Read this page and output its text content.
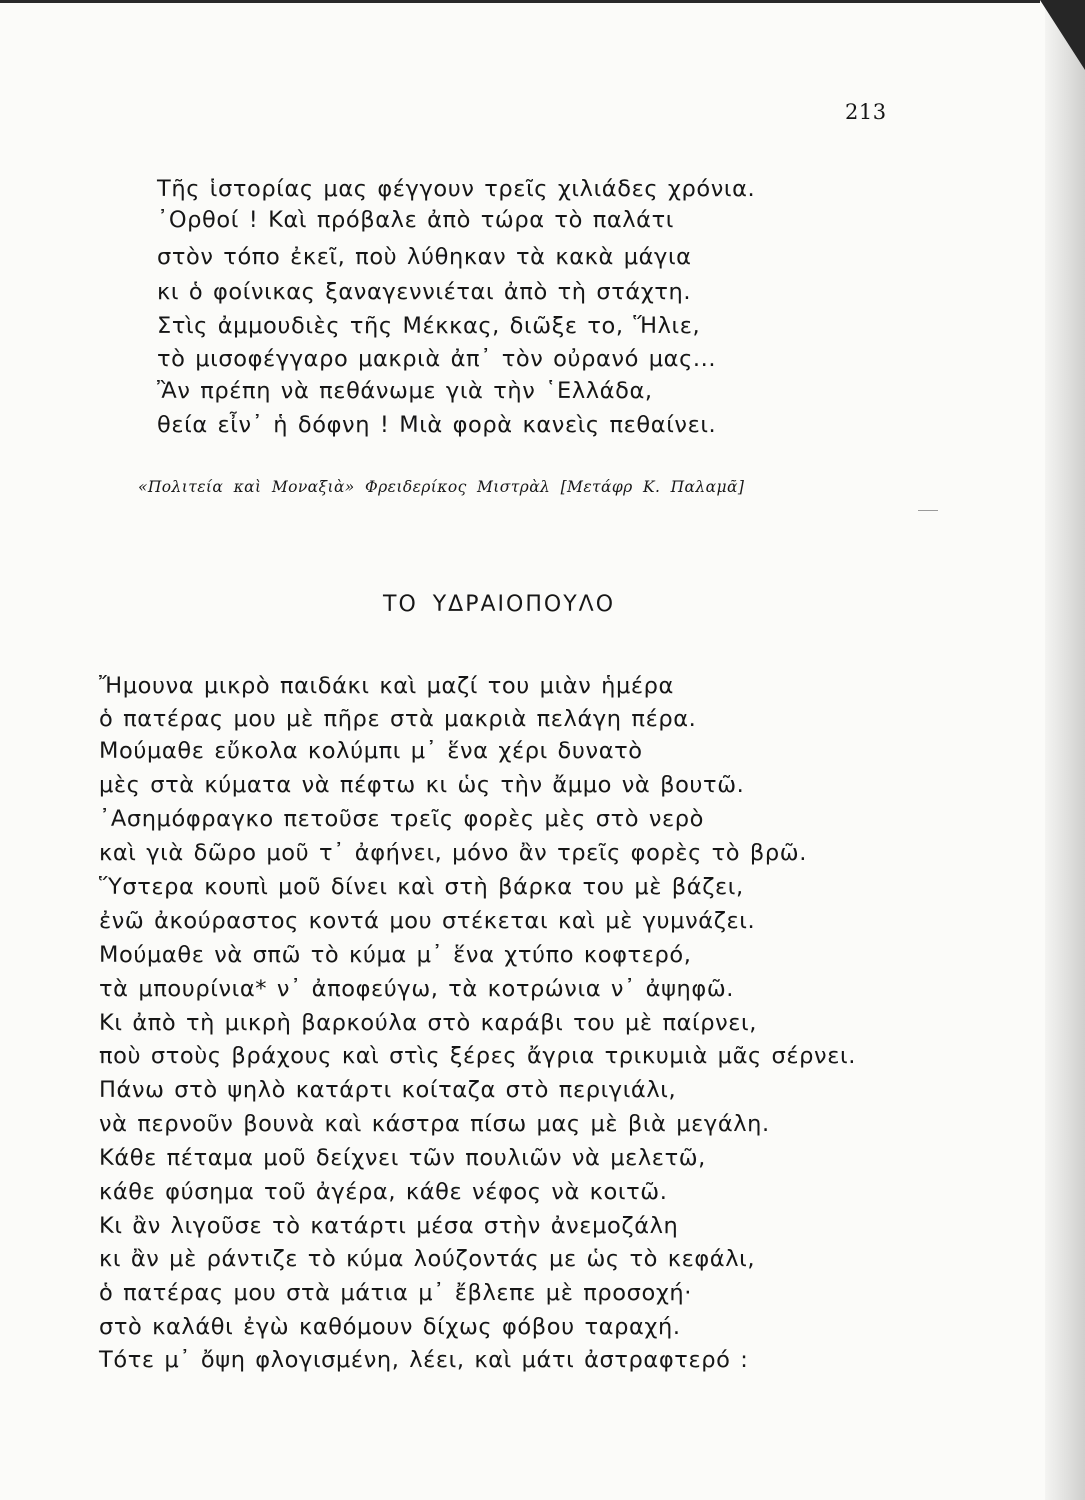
213
Τῆς ἱστορίας μας φέγγουν τρεῖς χιλιάδες χρόνια.
᾿Ορθοί ! Καὶ πρόβαλε ἀπὸ τώρα τὸ παλάτι
στὸν τόπο ἐκεῖ, ποὺ λύθηκαν τὰ κακὰ μάγια
κι ὁ φοίνικας ξαναγεννιέται ἀπὸ τὴ στάχτη.
Στὶς ἀμμουδιὲς τῆς Μέκκας, διῶξε το, Ἥλιε,
τὸ μισοφέγγαρο μακριὰ ἀπ᾿ τὸν οὐρανό μας...
Ἂν πρέπη νὰ πεθάνωμε γιὰ τὴν ῾Ελλάδα,
θεία εἶν᾿ ἡ δόφνη ! Μιὰ φορὰ κανεὶς πεθαίνει.
«Πολιτεία καὶ Μοναξιὰ» Φρειδερίκος Μιστρὰλ [Μετάφρ Κ. Παλαμᾶ]
ΤΟ ΥΔΡΑΙΟΠΟΥΛΟ
Ἤμουνα μικρὸ παιδάκι καὶ μαζί του μιὰν ἡμέρα
ὁ πατέρας μου μὲ πῆρε στὰ μακριὰ πελάγη πέρα.
Μούμαθε εὔκολα κολύμπι μ᾿ ἕνα χέρι δυνατὸ
μὲς στὰ κύματα νὰ πέφτω κι ὡς τὴν ἄμμο νὰ βουτῶ.
᾿Ασημόφραγκο πετοῦσε τρεῖς φορὲς μὲς στὸ νερὸ
καὶ γιὰ δῶρο μοῦ τ᾿ ἀφήνει, μόνο ἂν τρεῖς φορὲς τὸ βρῶ.
Ὕστερα κουπὶ μοῦ δίνει καὶ στὴ βάρκα του μὲ βάζει,
ἐνῶ ἀκούραστος κοντά μου στέκεται καὶ μὲ γυμνάζει.
Μούμαθε νὰ σπῶ τὸ κύμα μ᾿ ἕνα χτύπο κοφτερό,
τὰ μπουρίνια* ν᾿ ἀποφεύγω, τὰ κοτρώνια ν᾿ ἀψηφῶ.
Κι ἀπὸ τὴ μικρὴ βαρκούλα στὸ καράβι του μὲ παίρνει,
ποὺ στοὺς βράχους καὶ στὶς ξέρες ἄγρια τρικυμιὰ μᾶς σέρνει.
Πάνω στὸ ψηλὸ κατάρτι κοίταζα στὸ περιγιάλι,
νὰ περνοῦν βουνὰ καὶ κάστρα πίσω μας μὲ βιὰ μεγάλη.
Κάθε πέταμα μοῦ δείχνει τῶν πουλιῶν νὰ μελετῶ,
κάθε φύσημα τοῦ ἀγέρα, κάθε νέφος νὰ κοιτῶ.
Κι ἂν λιγοῦσε τὸ κατάρτι μέσα στὴν ἀνεμοζάλη
κι ἂν μὲ ράντιζε τὸ κύμα λούζοντάς με ὡς τὸ κεφάλι,
ὁ πατέρας μου στὰ μάτια μ᾿ ἔβλεπε μὲ προσοχή·
στὸ καλάθι ἐγὼ καθόμουν δίχως φόβου ταραχή.
Τότε μ᾿ ὄψη φλογισμένη, λέει, καὶ μάτι ἀστραφτερό :
